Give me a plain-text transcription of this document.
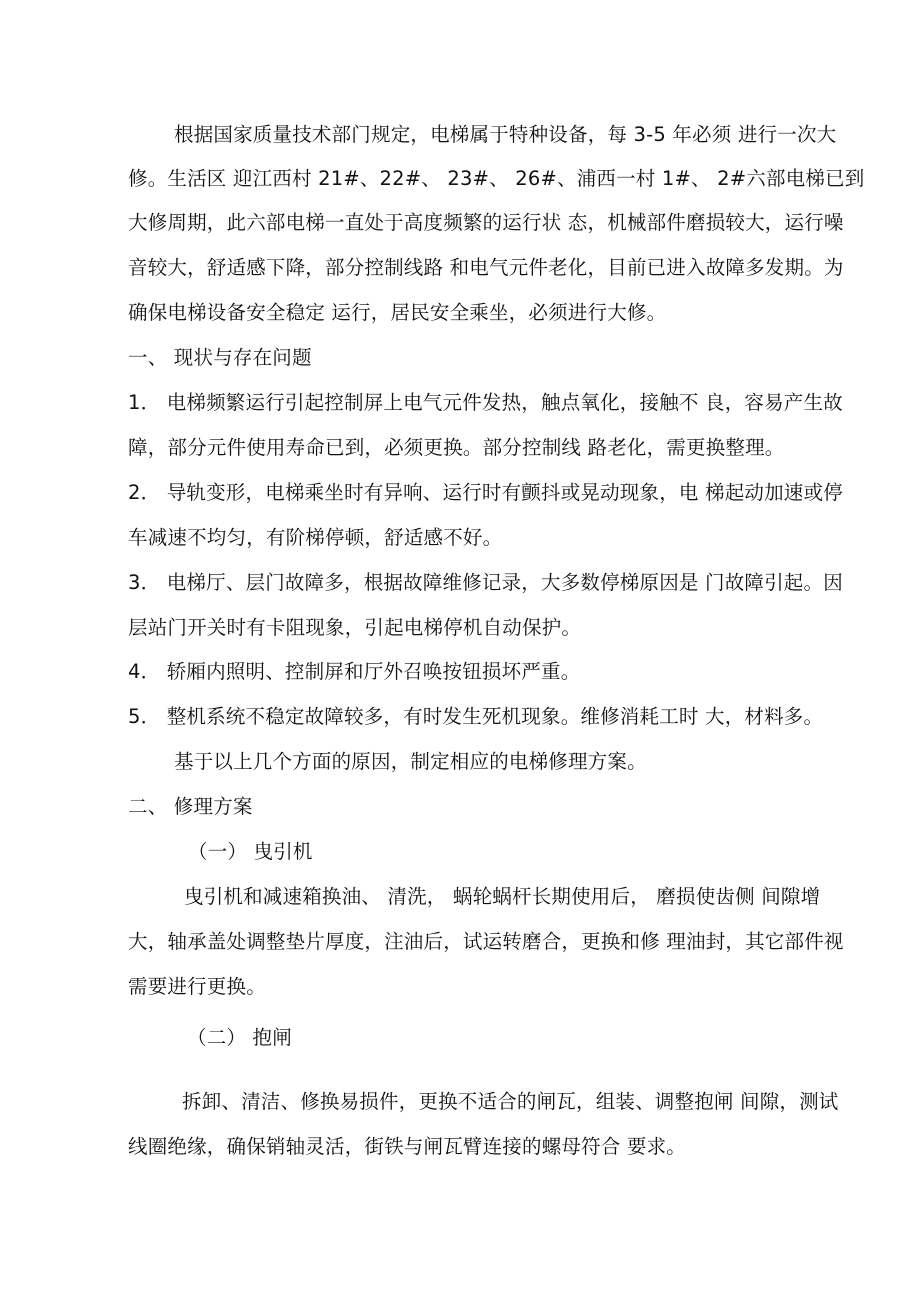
根据国家质量技术部门规定，电梯属于特种设备，每 3-5 年必须 进行一次大
修。生活区 迎江西村 21#、22#、 23#、 26#、浦西一村 1#、 2#六部电梯已到
大修周期，此六部电梯一直处于高度频繁的运行状 态，机械部件磨损较大，运行噪
音较大，舒适感下降，部分控制线路 和电气元件老化，目前已进入故障多发期。为
确保电梯设备安全稳定 运行，居民安全乘坐，必须进行大修。
一、 现状与存在问题
1． 电梯频繁运行引起控制屏上电气元件发热，触点氧化，接触不 良，容易产生故
障，部分元件使用寿命已到，必须更换。部分控制线 路老化，需更换整理。
2． 导轨变形，电梯乘坐时有异响、运行时有颤抖或晃动现象，电 梯起动加速或停
车减速不均匀，有阶梯停顿，舒适感不好。
3． 电梯厅、层门故障多，根据故障维修记录，大多数停梯原因是 门故障引起。因
层站门开关时有卡阻现象，引起电梯停机自动保护。
4． 轿厢内照明、控制屏和厅外召唤按钮损坏严重。
5． 整机系统不稳定故障较多，有时发生死机现象。维修消耗工时 大，材料多。
基于以上几个方面的原因，制定相应的电梯修理方案。
二、 修理方案
（一） 曳引机
曳引机和减速箱换油、 清洗， 蜗轮蜗杆长期使用后， 磨损使齿侧 间隙增
大，轴承盖处调整垫片厚度，注油后，试运转磨合，更换和修 理油封，其它部件视
需要进行更换。
（二） 抱闸
拆卸、清洁、修换易损件，更换不适合的闸瓦，组装、调整抱闸 间隙，测试
线圈绝缘，确保销轴灵活，街铁与闸瓦臂连接的螺母符合 要求。
